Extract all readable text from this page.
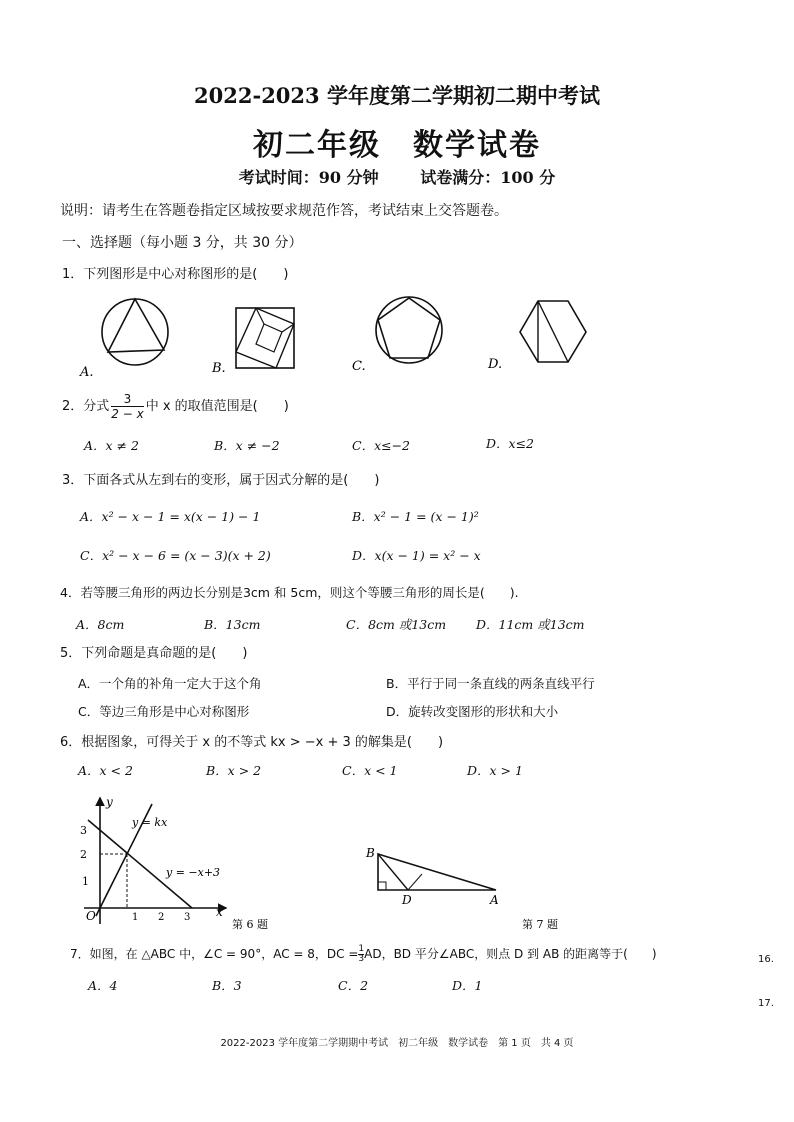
2022-2023 学年度第二学期初二期中考试
初二年级　数学试卷
考试时间：90 分钟	试卷满分：100 分
说明：请考生在答题卷指定区域按要求规范作答，考试结束上交答题卷。
一、选择题（每小题 3 分，共 30 分）
1．下列图形是中心对称图形的是(　　)
A.	B.	C.	D.
2．分式 $\frac{3}{2 - x}$ 中 x 的取值范围是(　　)
A．x ≠ 2	B．x ≠ −2	C．x≤−2	D．x≤2
3．下面各式从左到右的变形，属于因式分解的是(　　)
A．x² − x − 1 = x(x − 1) − 1	B．x² − 1 = (x − 1)²
C．x² − x − 6 = (x − 3)(x + 2)	D．x(x − 1) = x² − x
4．若等腰三角形的两边长分别是3cm 和 5cm，则这个等腰三角形的周长是(　　).
A．8cm	B．13cm	C．8cm 或13cm D．11cm 或13cm
5．下列命题是真命题的是(　　)
A．一个角的补角一定大于这个角	B．平行于同一条直线的两条直线平行
C．等边三角形是中心对称图形	D．旋转改变图形的形状和大小
6．根据图象，可得关于 x 的不等式 kx > −x + 3 的解集是(　　)
A．x < 2	B．x > 2	C．x < 1	D．x > 1
y
x
O
1
2
3
1 2 3
y = kx
y = −x+3
第 6 题
B
D	A
第 7 题
7．如图，在 △ABC 中，∠C = 90°，AC = 8，DC = $\frac{1}{3}$ AD，BD 平分∠ABC，则点 D 到 AB 的距离等于(　　)
A．4	B．3	C．2	D．1
16.
17.
2022-2023 学年度第二学期期中考试　初二年级　数学试卷　第 1 页　共 4 页
